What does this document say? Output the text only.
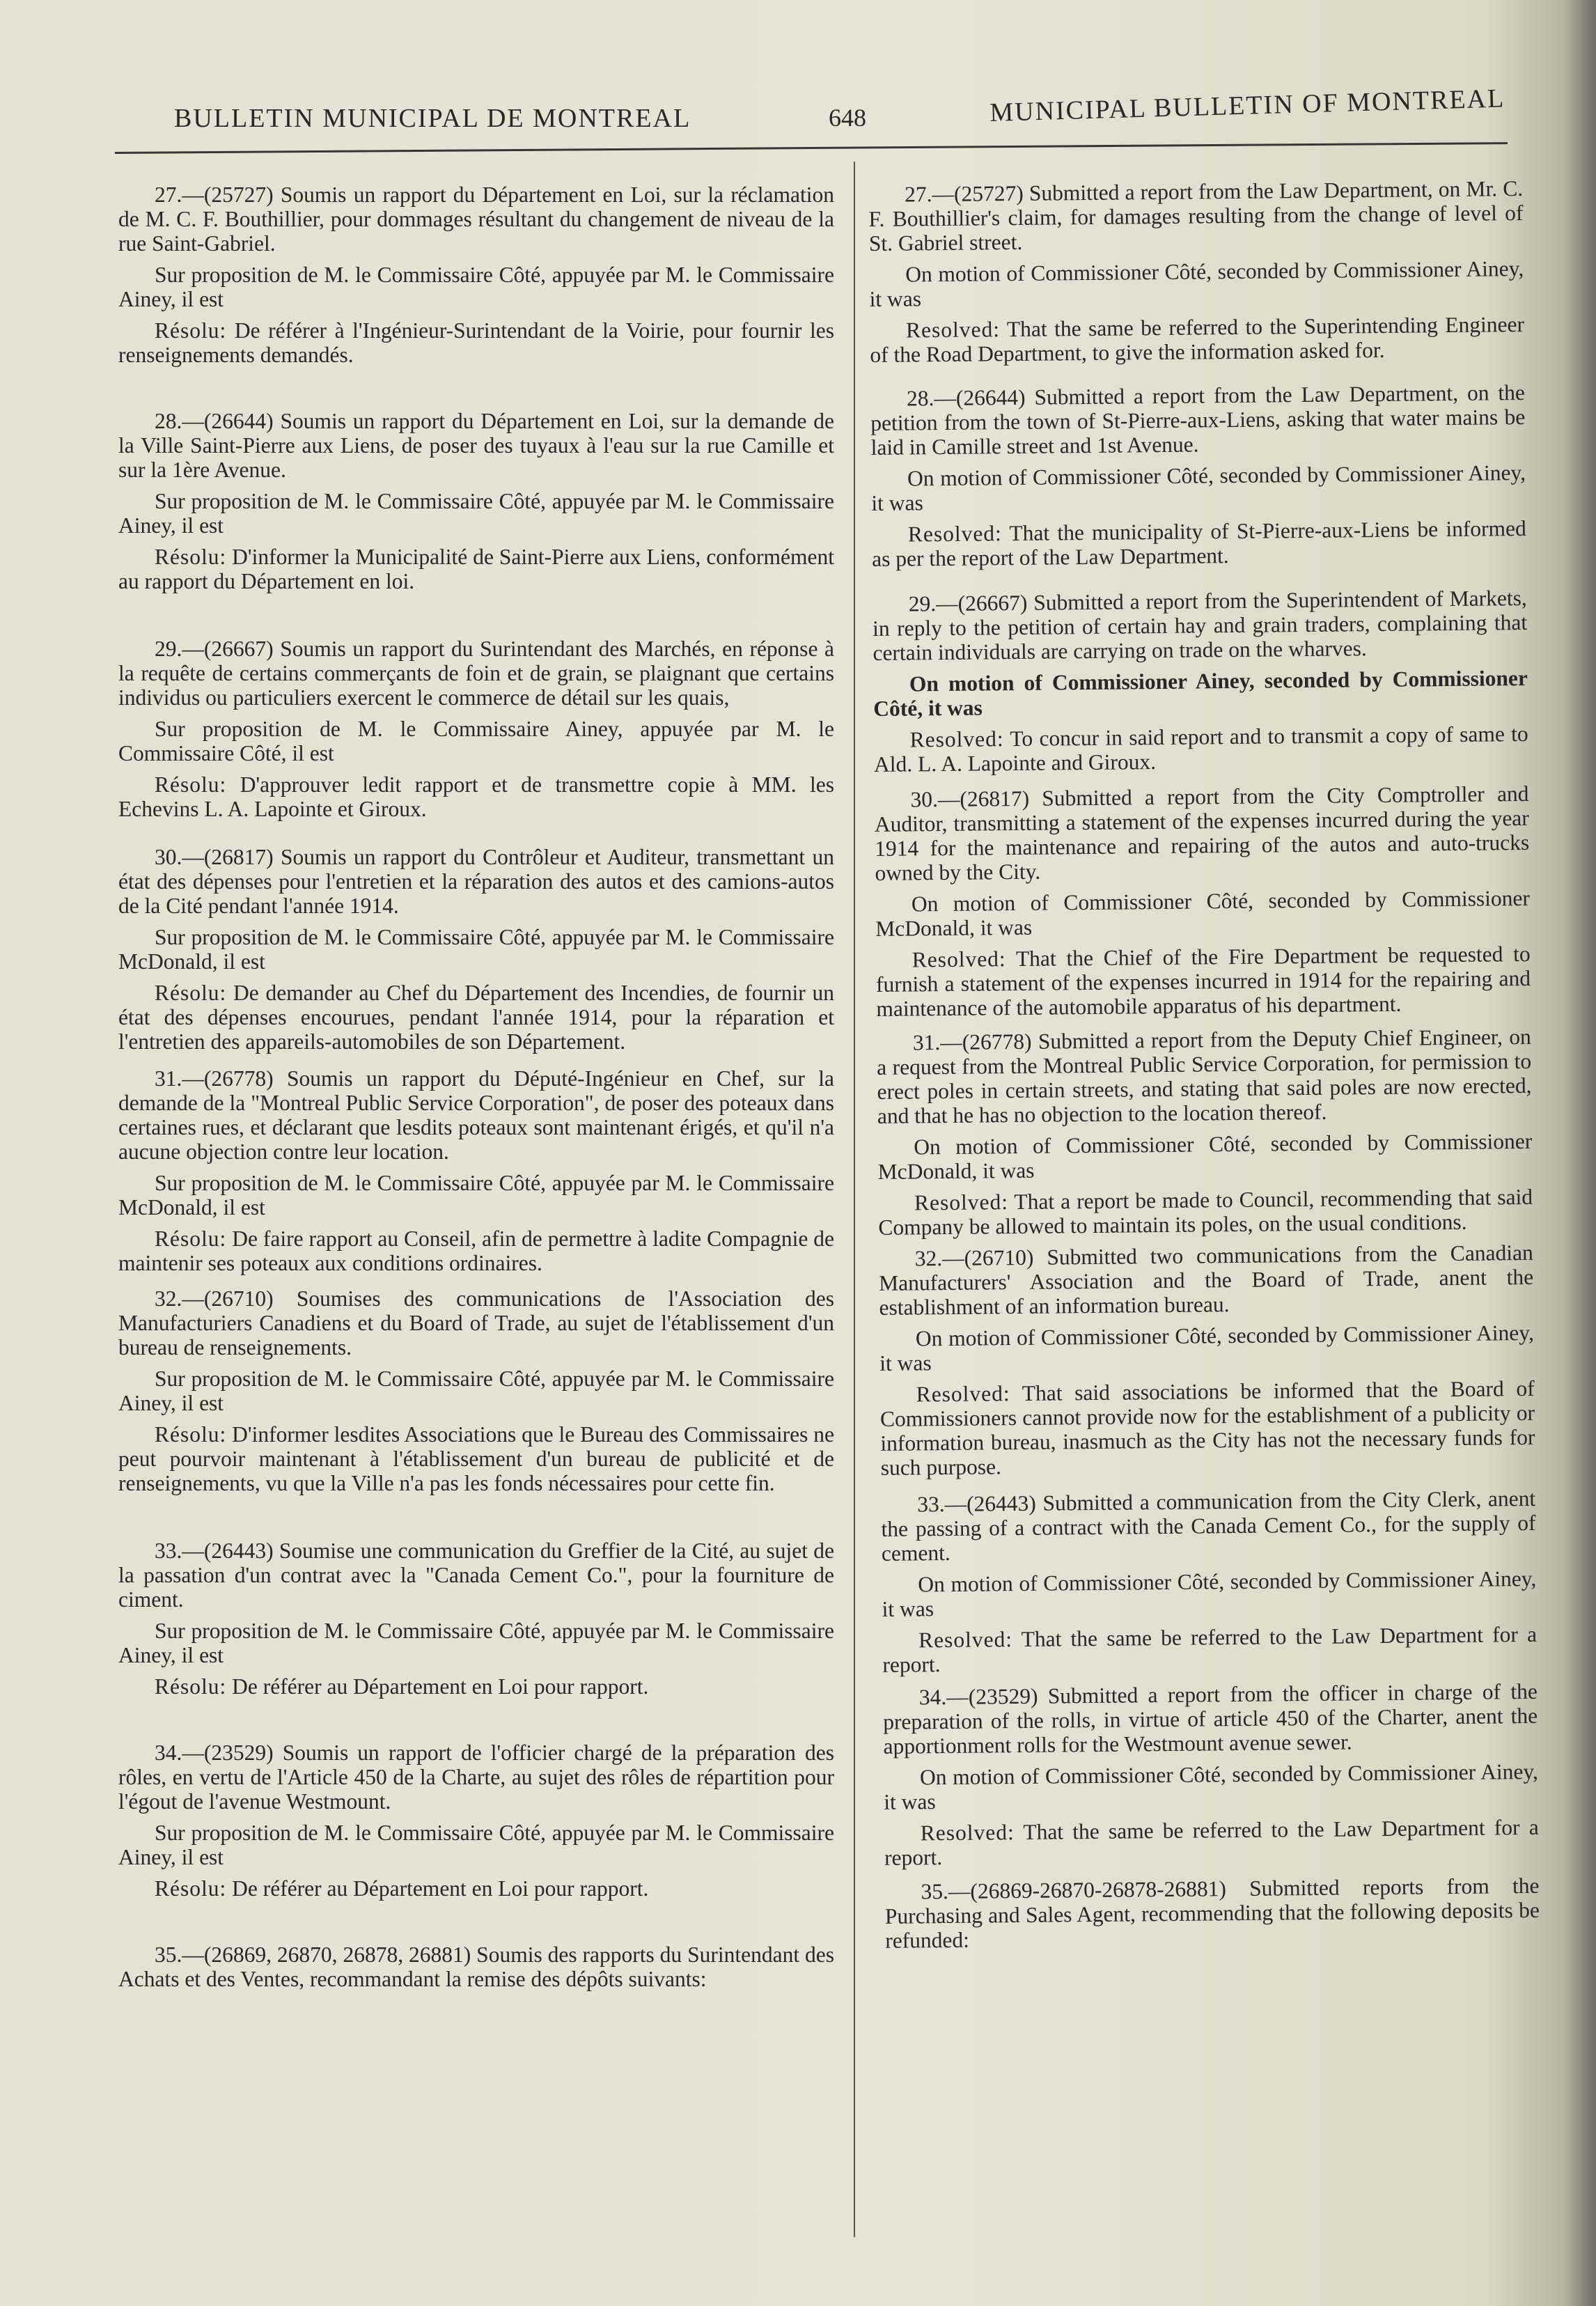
BULLETIN MUNICIPAL DE MONTREAL	648	MUNICIPAL BULLETIN OF MONTREAL

27.—(25727) Soumis un rapport du Département en Loi, sur la réclamation de M. C. F. Bouthillier, pour dommages résultant du changement de niveau de la rue Saint-Gabriel.

Sur proposition de M. le Commissaire Côté, appuyée par M. le Commissaire Ainey, il est

Résolu: De référer à l'Ingénieur-Surintendant de la Voirie, pour fournir les renseignements demandés.

28.—(26644) Soumis un rapport du Département en Loi, sur la demande de la Ville Saint-Pierre aux Liens, de poser des tuyaux à l'eau sur la rue Camille et sur la 1ère Avenue.

Sur proposition de M. le Commissaire Côté, appuyée par M. le Commissaire Ainey, il est

Résolu: D'informer la Municipalité de Saint-Pierre aux Liens, conformément au rapport du Département en loi.

29.—(26667) Soumis un rapport du Surintendant des Marchés, en réponse à la requête de certains commerçants de foin et de grain, se plaignant que certains individus ou particuliers exercent le commerce de détail sur les quais,

Sur proposition de M. le Commissaire Ainey, appuyée par M. le Commissaire Côté, il est

Résolu: D'approuver ledit rapport et de transmettre copie à MM. les Echevins L. A. Lapointe et Giroux.

30.—(26817) Soumis un rapport du Contrôleur et Auditeur, transmettant un état des dépenses pour l'entretien et la réparation des autos et des camions-autos de la Cité pendant l'année 1914.

Sur proposition de M. le Commissaire Côté, appuyée par M. le Commissaire McDonald, il est

Résolu: De demander au Chef du Département des Incendies, de fournir un état des dépenses encourues, pendant l'année 1914, pour la réparation et l'entretien des appareils-automobiles de son Département.

31.—(26778) Soumis un rapport du Député-Ingénieur en Chef, sur la demande de la "Montreal Public Service Corporation", de poser des poteaux dans certaines rues, et déclarant que lesdits poteaux sont maintenant érigés, et qu'il n'a aucune objection contre leur location.

Sur proposition de M. le Commissaire Côté, appuyée par M. le Commissaire McDonald, il est

Résolu: De faire rapport au Conseil, afin de permettre à ladite Compagnie de maintenir ses poteaux aux conditions ordinaires.

32.—(26710) Soumises des communications de l'Association des Manufacturiers Canadiens et du Board of Trade, au sujet de l'établissement d'un bureau de renseignements.

Sur proposition de M. le Commissaire Côté, appuyée par M. le Commissaire Ainey, il est

Résolu: D'informer lesdites Associations que le Bureau des Commissaires ne peut pourvoir maintenant à l'établissement d'un bureau de publicité et de renseignements, vu que la Ville n'a pas les fonds nécessaires pour cette fin.

33.—(26443) Soumise une communication du Greffier de la Cité, au sujet de la passation d'un contrat avec la "Canada Cement Co.", pour la fourniture de ciment.

Sur proposition de M. le Commissaire Côté, appuyée par M. le Commissaire Ainey, il est

Résolu: De référer au Département en Loi pour rapport.

34.—(23529) Soumis un rapport de l'officier chargé de la préparation des rôles, en vertu de l'Article 450 de la Charte, au sujet des rôles de répartition pour l'égout de l'avenue Westmount.

Sur proposition de M. le Commissaire Côté, appuyée par M. le Commissaire Ainey, il est

Résolu: De référer au Département en Loi pour rapport.

35.—(26869, 26870, 26878, 26881) Soumis des rapports du Surintendant des Achats et des Ventes, recommandant la remise des dépôts suivants:

27.—(25727) Submitted a report from the Law Department, on Mr. C. F. Bouthillier's claim, for damages resulting from the change of level of St. Gabriel street.

On motion of Commissioner Côté, seconded by Commissioner Ainey, it was

Resolved: That the same be referred to the Superintending Engineer of the Road Department, to give the information asked for.

28.—(26644) Submitted a report from the Law Department, on the petition from the town of St-Pierre-aux-Liens, asking that water mains be laid in Camille street and 1st Avenue.

On motion of Commissioner Côté, seconded by Commissioner Ainey, it was

Resolved: That the municipality of St-Pierre-aux-Liens be informed as per the report of the Law Department.

29.—(26667) Submitted a report from the Superintendent of Markets, in reply to the petition of certain hay and grain traders, complaining that certain individuals are carrying on trade on the wharves.

On motion of Commissioner Ainey, seconded by Commissioner Côté, it was

Resolved: To concur in said report and to transmit a copy of same to Ald. L. A. Lapointe and Giroux.

30.—(26817) Submitted a report from the City Comptroller and Auditor, transmitting a statement of the expenses incurred during the year 1914 for the maintenance and repairing of the autos and auto-trucks owned by the City.

On motion of Commissioner Côté, seconded by Commissioner McDonald, it was

Resolved: That the Chief of the Fire Department be requested to furnish a statement of the expenses incurred in 1914 for the repairing and maintenance of the automobile apparatus of his department.

31.—(26778) Submitted a report from the Deputy Chief Engineer, on a request from the Montreal Public Service Corporation, for permission to erect poles in certain streets, and stating that said poles are now erected, and that he has no objection to the location thereof.

On motion of Commissioner Côté, seconded by Commissioner McDonald, it was

Resolved: That a report be made to Council, recommending that said Company be allowed to maintain its poles, on the usual conditions.

32.—(26710) Submitted two communications from the Canadian Manufacturers' Association and the Board of Trade, anent the establishment of an information bureau.

On motion of Commissioner Côté, seconded by Commissioner Ainey, it was

Resolved: That said associations be informed that the Board of Commissioners cannot provide now for the establishment of a publicity or information bureau, inasmuch as the City has not the necessary funds for such purpose.

33.—(26443) Submitted a communication from the City Clerk, anent the passing of a contract with the Canada Cement Co., for the supply of cement.

On motion of Commissioner Côté, seconded by Commissioner Ainey, it was

Resolved: That the same be referred to the Law Department for a report.

34.—(23529) Submitted a report from the officer in charge of the preparation of the rolls, in virtue of article 450 of the Charter, anent the apportionment rolls for the Westmount avenue sewer.

On motion of Commissioner Côté, seconded by Commissioner Ainey, it was

Resolved: That the same be referred to the Law Department for a report.

35.—(26869-26870-26878-26881) Submitted reports from the Purchasing and Sales Agent, recommending that the following deposits be refunded:
